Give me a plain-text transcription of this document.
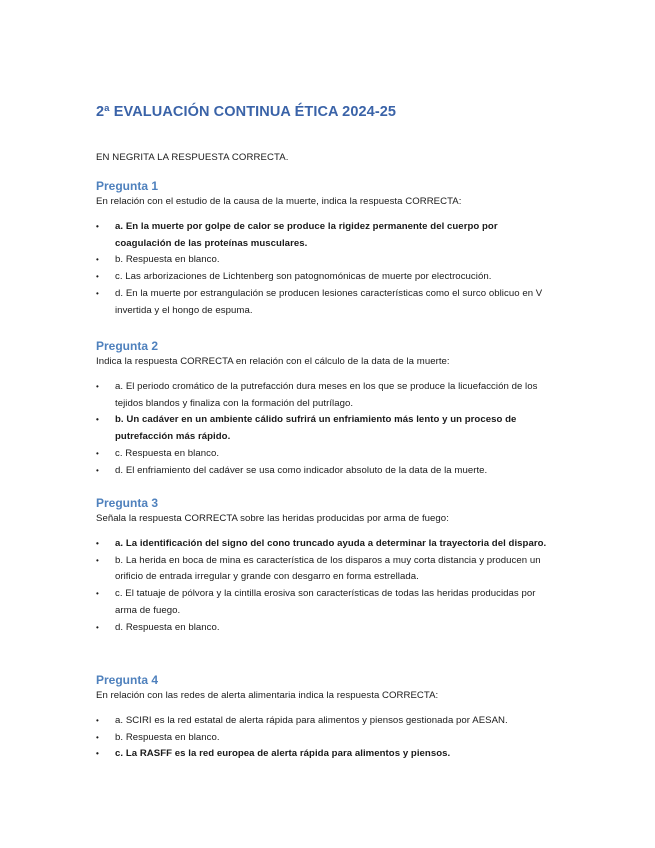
2ª EVALUACIÓN CONTINUA ÉTICA 2024-25

EN NEGRITA LA RESPUESTA CORRECTA.

Pregunta 1

En relación con el estudio de la causa de la muerte, indica la respuesta CORRECTA:

• a. En la muerte por golpe de calor se produce la rigidez permanente del cuerpo por coagulación de las proteínas musculares.
• b. Respuesta en blanco.
• c. Las arborizaciones de Lichtenberg son patognomónicas de muerte por electrocución.
• d. En la muerte por estrangulación se producen lesiones características como el surco oblicuo en V invertida y el hongo de espuma.
Pregunta 2

Indica la respuesta CORRECTA en relación con el cálculo de la data de la muerte:

• a. El periodo cromático de la putrefacción dura meses en los que se produce la licuefacción de los tejidos blandos y finaliza con la formación del putrílago.
• b. Un cadáver en un ambiente cálido sufrirá un enfriamiento más lento y un proceso de putrefacción más rápido.
• c. Respuesta en blanco.
• d. El enfriamiento del cadáver se usa como indicador absoluto de la data de la muerte.
Pregunta 3

Señala la respuesta CORRECTA sobre las heridas producidas por arma de fuego:

• a. La identificación del signo del cono truncado ayuda a determinar la trayectoria del disparo.
• b. La herida en boca de mina es característica de los disparos a muy corta distancia y producen un orificio de entrada irregular y grande con desgarro en forma estrellada.
• c. El tatuaje de pólvora y la cintilla erosiva son características de todas las heridas producidas por arma de fuego.
• d. Respuesta en blanco.
Pregunta 4

En relación con las redes de alerta alimentaria indica la respuesta CORRECTA:

• a. SCIRI es la red estatal de alerta rápida para alimentos y piensos gestionada por AESAN.
• b. Respuesta en blanco.
• c. La RASFF es la red europea de alerta rápida para alimentos y piensos.
